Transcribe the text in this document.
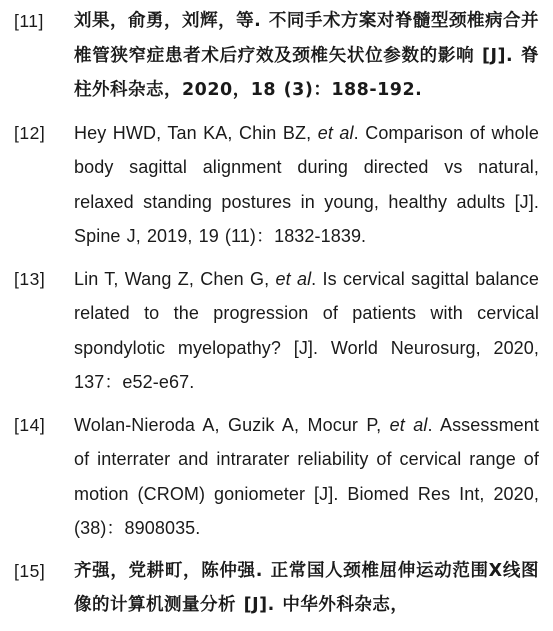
[11]	刘果，俞勇，刘辉，等. 不同手术方案对脊髓型颈椎病合并椎管狭窄症患者术后疗效及颈椎矢状位参数的影响 [J]. 脊柱外科杂志，2020，18 (3)：188-192.
[12]	Hey HWD, Tan KA, Chin BZ, et al. Comparison of whole body sagittal alignment during directed vs natural, relaxed standing postures in young, healthy adults [J]. Spine J, 2019, 19 (11)：1832-1839.
[13]	Lin T, Wang Z, Chen G, et al. Is cervical sagittal balance related to the progression of patients with cervical spondylotic myelopathy? [J]. World Neurosurg, 2020, 137：e52-e67.
[14]	Wolan-Nieroda A, Guzik A, Mocur P, et al. Assessment of interrater and intrarater reliability of cervical range of motion (CROM) goniometer [J]. Biomed Res Int, 2020, (38)：8908035.
[15]	齐强，党耕町，陈仲强. 正常国人颈椎屈伸运动范围X线图像的计算机测量分析 [J]. 中华外科杂志，
